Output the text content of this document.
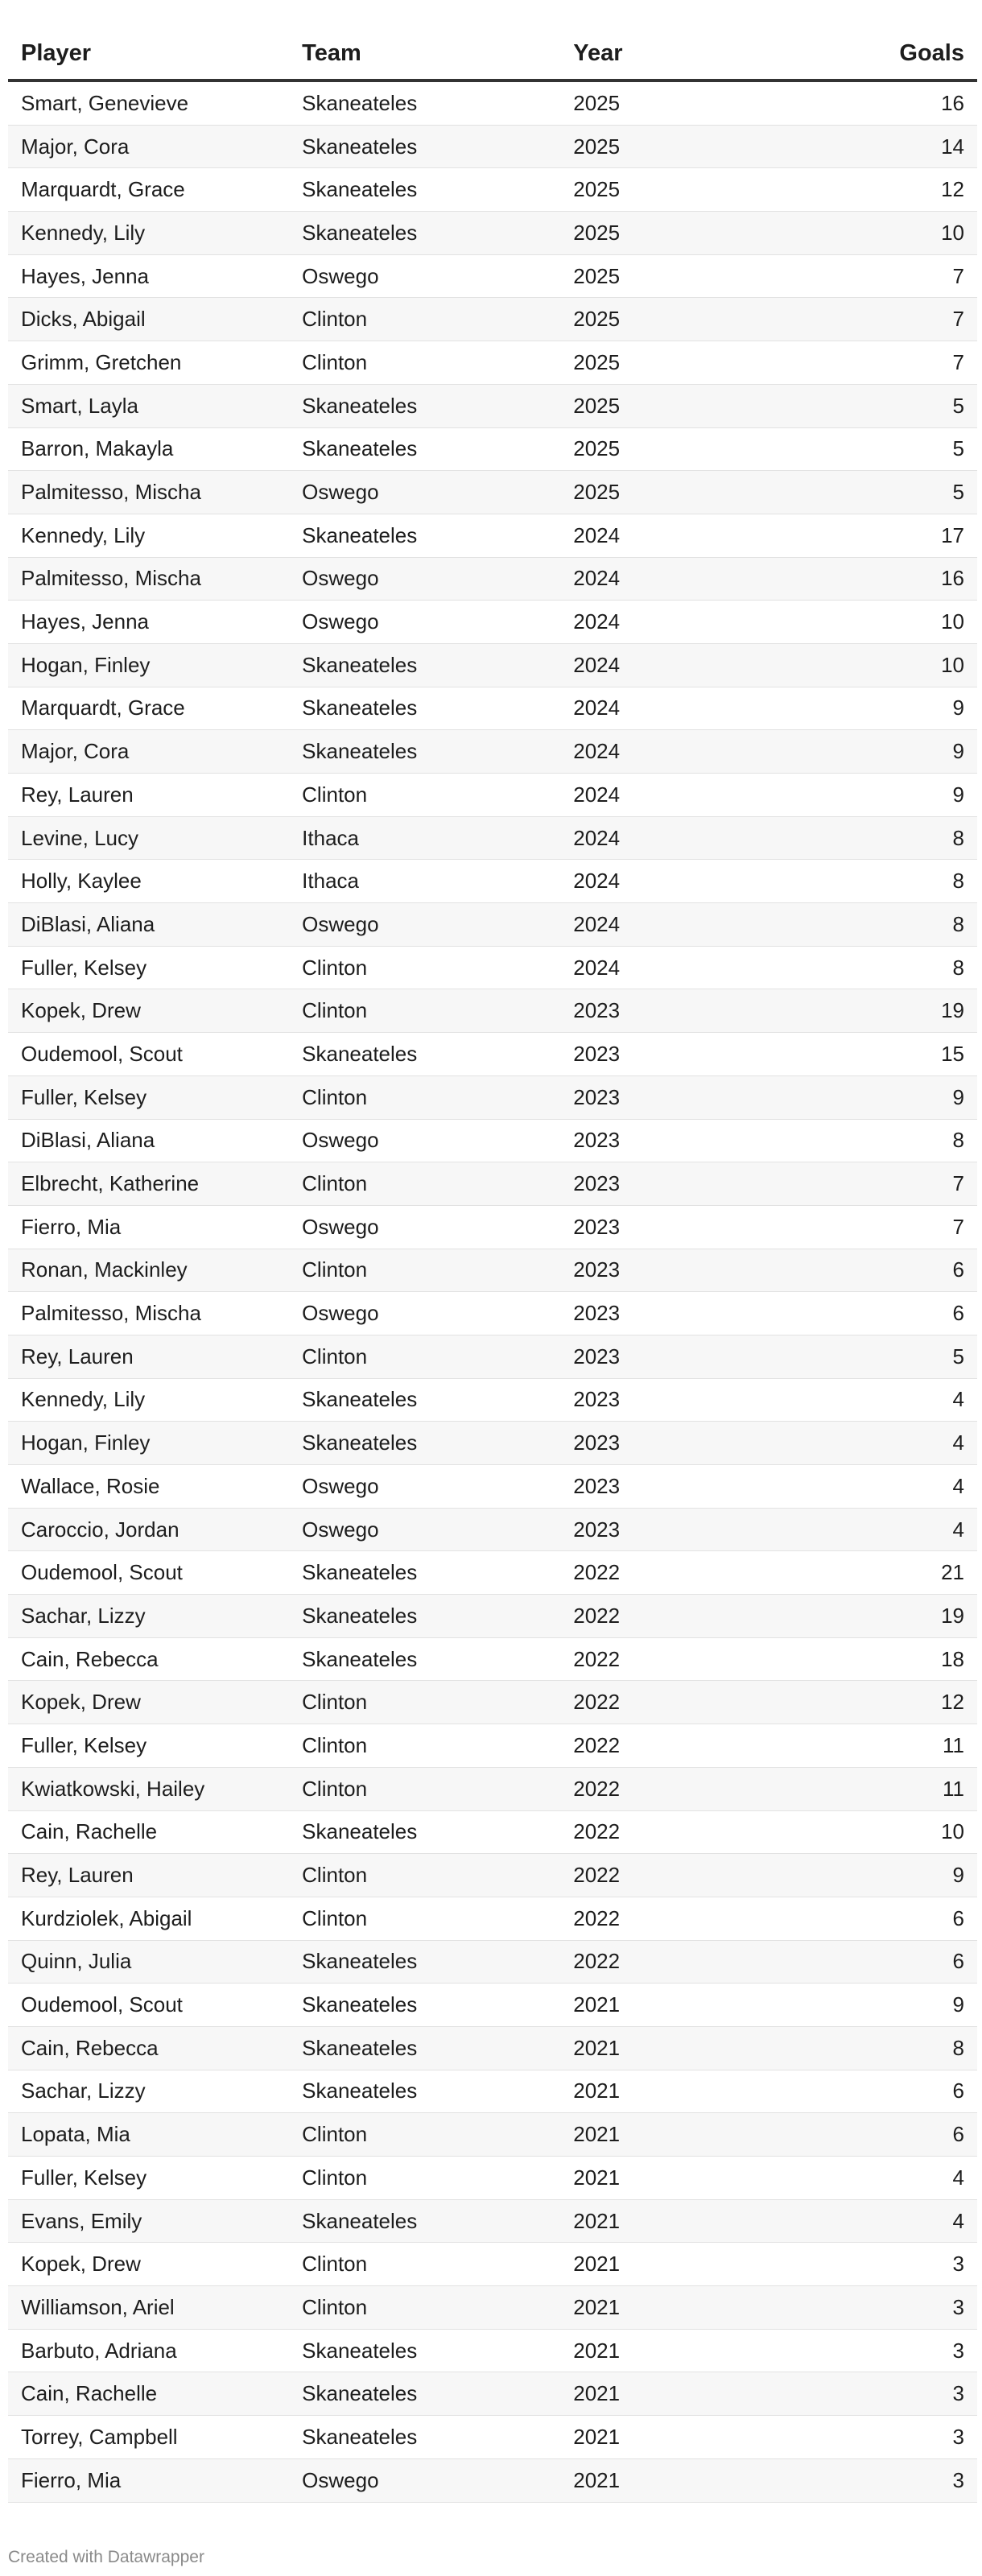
Player	Team	Year	Goals
Smart, Genevieve	Skaneateles	2025	16
Major, Cora	Skaneateles	2025	14
Marquardt, Grace	Skaneateles	2025	12
Kennedy, Lily	Skaneateles	2025	10
Hayes, Jenna	Oswego	2025	7
Dicks, Abigail	Clinton	2025	7
Grimm, Gretchen	Clinton	2025	7
Smart, Layla	Skaneateles	2025	5
Barron, Makayla	Skaneateles	2025	5
Palmitesso, Mischa	Oswego	2025	5
Kennedy, Lily	Skaneateles	2024	17
Palmitesso, Mischa	Oswego	2024	16
Hayes, Jenna	Oswego	2024	10
Hogan, Finley	Skaneateles	2024	10
Marquardt, Grace	Skaneateles	2024	9
Major, Cora	Skaneateles	2024	9
Rey, Lauren	Clinton	2024	9
Levine, Lucy	Ithaca	2024	8
Holly, Kaylee	Ithaca	2024	8
DiBlasi, Aliana	Oswego	2024	8
Fuller, Kelsey	Clinton	2024	8
Kopek, Drew	Clinton	2023	19
Oudemool, Scout	Skaneateles	2023	15
Fuller, Kelsey	Clinton	2023	9
DiBlasi, Aliana	Oswego	2023	8
Elbrecht, Katherine	Clinton	2023	7
Fierro, Mia	Oswego	2023	7
Ronan, Mackinley	Clinton	2023	6
Palmitesso, Mischa	Oswego	2023	6
Rey, Lauren	Clinton	2023	5
Kennedy, Lily	Skaneateles	2023	4
Hogan, Finley	Skaneateles	2023	4
Wallace, Rosie	Oswego	2023	4
Caroccio, Jordan	Oswego	2023	4
Oudemool, Scout	Skaneateles	2022	21
Sachar, Lizzy	Skaneateles	2022	19
Cain, Rebecca	Skaneateles	2022	18
Kopek, Drew	Clinton	2022	12
Fuller, Kelsey	Clinton	2022	11
Kwiatkowski, Hailey	Clinton	2022	11
Cain, Rachelle	Skaneateles	2022	10
Rey, Lauren	Clinton	2022	9
Kurdziolek, Abigail	Clinton	2022	6
Quinn, Julia	Skaneateles	2022	6
Oudemool, Scout	Skaneateles	2021	9
Cain, Rebecca	Skaneateles	2021	8
Sachar, Lizzy	Skaneateles	2021	6
Lopata, Mia	Clinton	2021	6
Fuller, Kelsey	Clinton	2021	4
Evans, Emily	Skaneateles	2021	4
Kopek, Drew	Clinton	2021	3
Williamson, Ariel	Clinton	2021	3
Barbuto, Adriana	Skaneateles	2021	3
Cain, Rachelle	Skaneateles	2021	3
Torrey, Campbell	Skaneateles	2021	3
Fierro, Mia	Oswego	2021	3
Created with Datawrapper
